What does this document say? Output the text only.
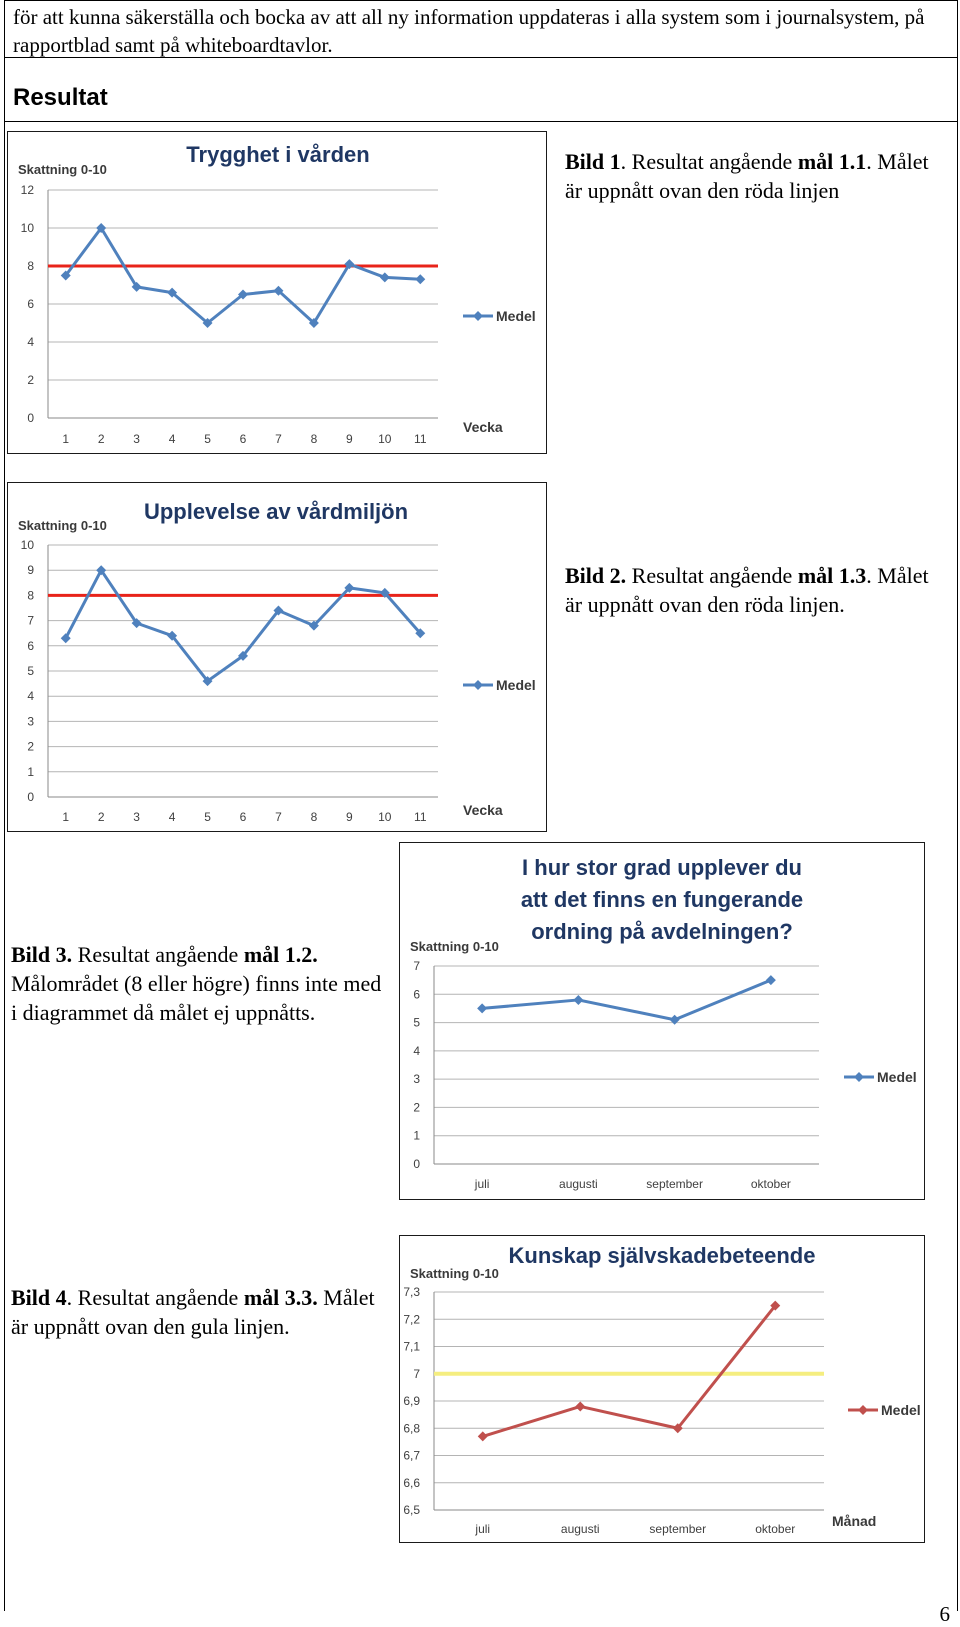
för att kunna säkerställa och bocka av att all ny information uppdateras i alla system som i journalsystem, på rapportblad samt på whiteboardtavlor.
Resultat
Trygghet i vården
Skattning 0-10
0
2
4
6
8
10
12
1 2 3 4 5 6 7 8 9 10 11
Vecka
Medel
Bild 1. Resultat angående mål 1.1. Målet är uppnått ovan den röda linjen
Upplevelse av vårdmiljön
Skattning 0-10
0
1
2
3
4
5
6
7
8
9
10
1 2 3 4 5 6 7 8 9 10 11	Vecka
Medel
Bild 2. Resultat angående mål 1.3. Målet är uppnått ovan den röda linjen.
I hur stor grad upplever du
att det finns en fungerande
ordning på avdelningen?
Skattning 0-10
0
1
2
3
4
5
6
7
juli	augusti	september	oktober
Medel
Bild 3. Resultat angående mål 1.2. Målområdet (8 eller högre) finns inte med i diagrammet då målet ej uppnåtts.
Kunskap självskadebeteende
Skattning 0-10
6,5
6,6
6,7
6,8
6,9
7
7,1
7,2
7,3
juli	augusti	september	oktober	Månad
Medel
Bild 4. Resultat angående mål 3.3. Målet är uppnått ovan den gula linjen.
6
